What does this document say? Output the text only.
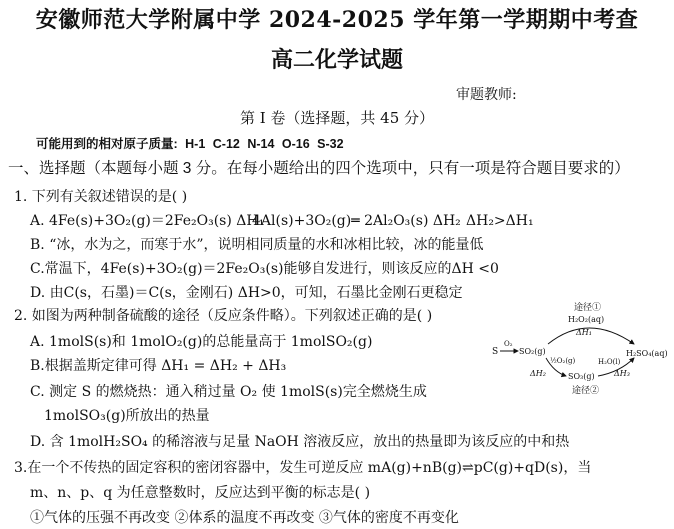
安徽师范大学附属中学 2024-2025 学年第一学期期中考查
高二化学试题
审题教师:
第 I 卷（选择题，共 45 分）
可能用到的相对原子质量: H-1 C-12 N-14 O-16 S-32
一、选择题（本题每小题 3 分。在每小题给出的四个选项中，只有一项是符合题目要求的）
1. 下列有关叙述错误的是( )
A. 4Fe(s)+3O₂(g)＝2Fe₂O₃(s) ΔH₁
4Al(s)+3O₂(g)═ 2Al₂O₃(s) ΔH₂ ΔH₂>ΔH₁
B. “冰，水为之，而寒于水”，说明相同质量的水和冰相比较，冰的能量低
C.常温下，4Fe(s)+3O₂(g)＝2Fe₂O₃(s)能够自发进行，则该反应的ΔH <0
D. 由C(s，石墨)＝C(s，金刚石) ΔH>0，可知，石墨比金刚石更稳定
2. 如图为两种制备硫酸的途径（反应条件略）。下列叙述正确的是( )
A. 1molS(s)和 1molO₂(g)的总能量高于 1molSO₂(g)
B.根据盖斯定律可得 ΔH₁ = ΔH₂ + ΔH₃
C. 测定 S 的燃烧热：通入稍过量 O₂ 使 1molS(s)完全燃烧生成
1molSO₃(g)所放出的热量
D. 含 1molH₂SO₄ 的稀溶液与足量 NaOH 溶液反应，放出的热量即为该反应的中和热
3.在一个不传热的固定容积的密闭容器中，发生可逆反应 mA(g)+nB(g)⇌pC(g)+qD(s)，当
m、n、p、q 为任意整数时，反应达到平衡的标志是( )
①气体的压强不再改变 ②体系的温度不再改变 ③气体的密度不再变化
途径①
H₂O₂(aq)
ΔH₁
S
O₂
SO₂(g)	H₂SO₄(aq)
½O₂(g)	H₂O(l)
ΔH₂	ΔH₃
SO₃(g)
途径②
